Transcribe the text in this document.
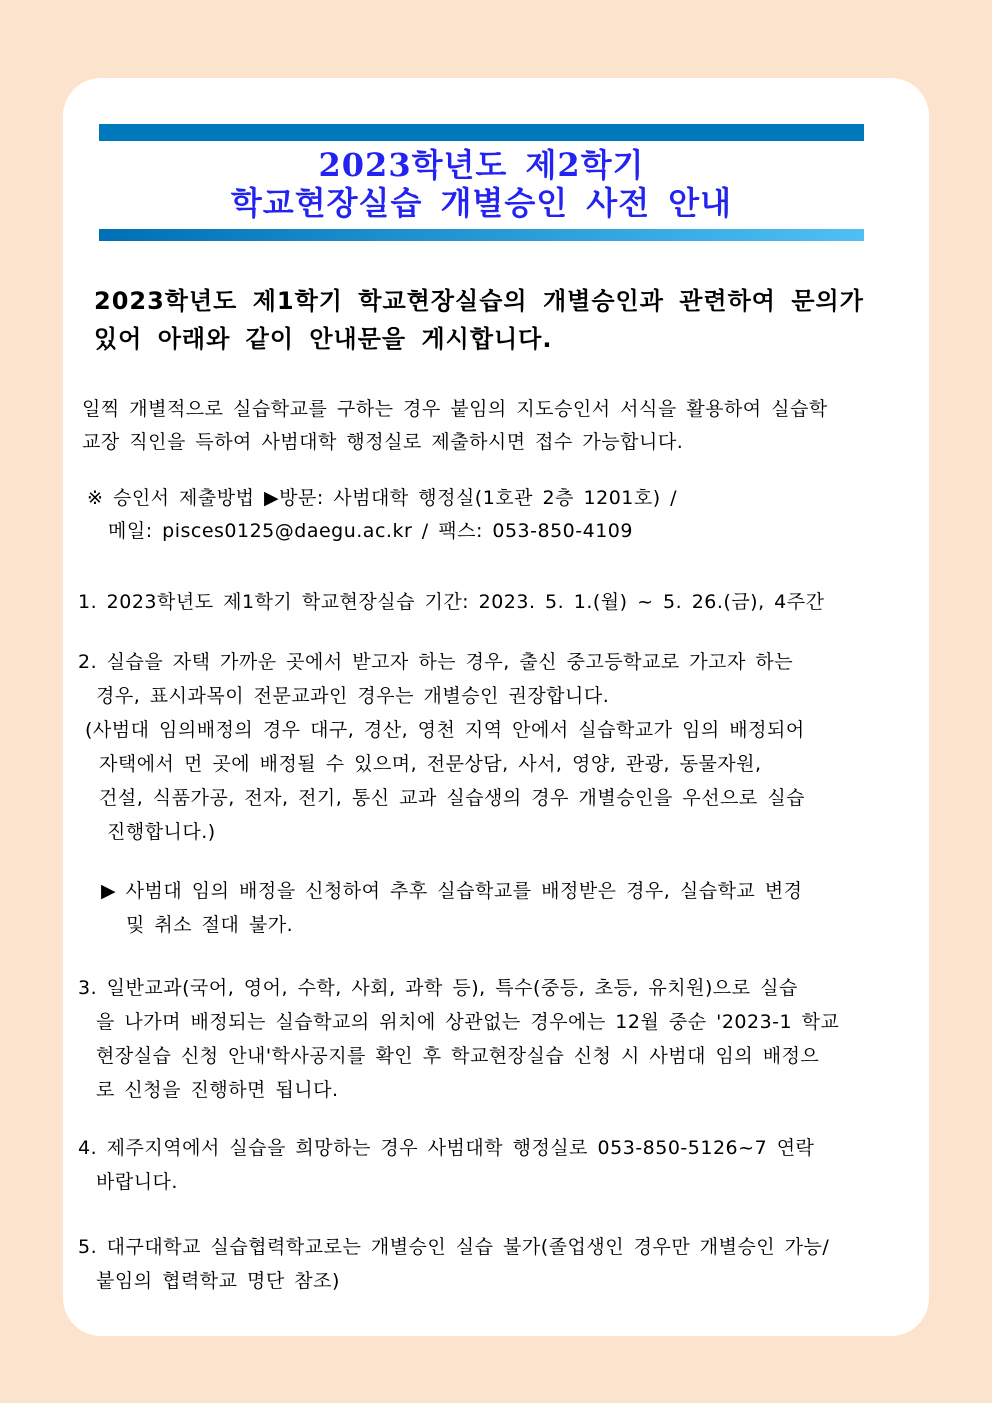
2023학년도 제2학기
학교현장실습 개별승인 사전 안내
2023학년도 제1학기 학교현장실습의 개별승인과 관련하여 문의가
있어 아래와 같이 안내문을 게시합니다.
일찍 개별적으로 실습학교를 구하는 경우 붙임의 지도승인서 서식을 활용하여 실습학
교장 직인을 득하여 사범대학 행정실로 제출하시면 접수 가능합니다.
※ 승인서 제출방법 ▶방문: 사범대학 행정실(1호관 2층 1201호) /
메일: pisces0125@daegu.ac.kr / 팩스: 053-850-4109
1. 2023학년도 제1학기 학교현장실습 기간: 2023. 5. 1.(월) ~ 5. 26.(금), 4주간
2. 실습을 자택 가까운 곳에서 받고자 하는 경우, 출신 중고등학교로 가고자 하는
경우, 표시과목이 전문교과인 경우는 개별승인 권장합니다.
(사범대 임의배정의 경우 대구, 경산, 영천 지역 안에서 실습학교가 임의 배정되어
자택에서 먼 곳에 배정될 수 있으며, 전문상담, 사서, 영양, 관광, 동물자원,
건설, 식품가공, 전자, 전기, 통신 교과 실습생의 경우 개별승인을 우선으로 실습
진행합니다.)
▶ 사범대 임의 배정을 신청하여 추후 실습학교를 배정받은 경우, 실습학교 변경
및 취소 절대 불가.
3. 일반교과(국어, 영어, 수학, 사회, 과학 등), 특수(중등, 초등, 유치원)으로 실습
을 나가며 배정되는 실습학교의 위치에 상관없는 경우에는 12월 중순 '2023-1 학교
현장실습 신청 안내'학사공지를 확인 후 학교현장실습 신청 시 사범대 임의 배정으
로 신청을 진행하면 됩니다.
4. 제주지역에서 실습을 희망하는 경우 사범대학 행정실로 053-850-5126~7 연락
바랍니다.
5. 대구대학교 실습협력학교로는 개별승인 실습 불가(졸업생인 경우만 개별승인 가능/
붙임의 협력학교 명단 참조)
